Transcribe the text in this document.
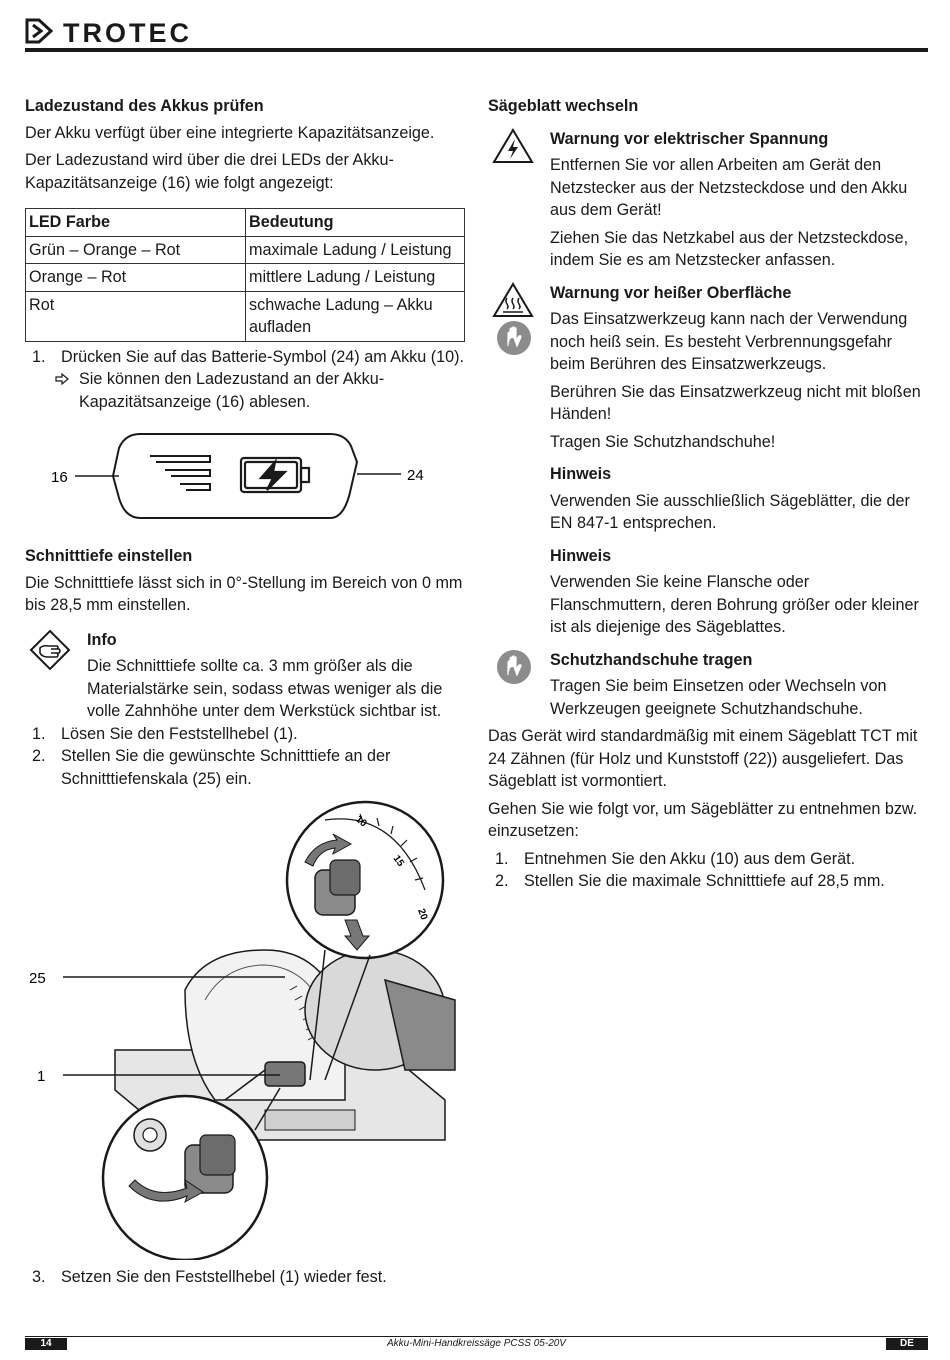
TROTEC
Ladezustand des Akkus prüfen

Der Akku verfügt über eine integrierte Kapazitätsanzeige.

Der Ladezustand wird über die drei LEDs der Akku-Kapazitätsanzeige (16) wie folgt angezeigt:

LED Farbe	Bedeutung
Grün – Orange – Rot	maximale Ladung / Leistung
Orange – Rot	mittlere Ladung / Leistung
Rot	schwache Ladung – Akku aufladen
1. Drücken Sie auf das Batterie-Symbol (24) am Akku (10).
Sie können den Ladezustand an der Akku-Kapazitätsanzeige (16) ablesen.
16	24
Schnitttiefe einstellen

Die Schnitttiefe lässt sich in 0°-Stellung im Bereich von 0 mm bis 28,5 mm einstellen.

Info

Die Schnitttiefe sollte ca. 3 mm größer als die Materialstärke sein, sodass etwas weniger als die volle Zahnhöhe unter dem Werkstück sichtbar ist.

1. Lösen Sie den Feststellhebel (1).
2. Stellen Sie die gewünschte Schnitttiefe an der Schnitttiefenskala (25) ein.
10
15
20
25
1
3. Setzen Sie den Feststellhebel (1) wieder fest.
Sägeblatt wechseln
Warnung vor elektrischer Spannung

Entfernen Sie vor allen Arbeiten am Gerät den Netzstecker aus der Netzsteckdose und den Akku aus dem Gerät!

Ziehen Sie das Netzkabel aus der Netzsteckdose, indem Sie es am Netzstecker anfassen.

Warnung vor heißer Oberfläche

Das Einsatzwerkzeug kann nach der Verwendung noch heiß sein. Es besteht Verbrennungsgefahr beim Berühren des Einsatzwerkzeugs.

Berühren Sie das Einsatzwerkzeug nicht mit bloßen Händen!

Tragen Sie Schutzhandschuhe!

Hinweis

Verwenden Sie ausschließlich Sägeblätter, die der EN 847-1 entsprechen.

Hinweis

Verwenden Sie keine Flansche oder Flanschmuttern, deren Bohrung größer oder kleiner ist als diejenige des Sägeblattes.

Schutzhandschuhe tragen

Tragen Sie beim Einsetzen oder Wechseln von Werkzeugen geeignete Schutzhandschuhe.

Das Gerät wird standardmäßig mit einem Sägeblatt TCT mit 24 Zähnen (für Holz und Kunststoff (22)) ausgeliefert. Das Sägeblatt ist vormontiert.

Gehen Sie wie folgt vor, um Sägeblätter zu entnehmen bzw. einzusetzen:

1. Entnehmen Sie den Akku (10) aus dem Gerät.
2. Stellen Sie die maximale Schnitttiefe auf 28,5 mm.
14	Akku-Mini-Handkreissäge PCSS 05-20V	DE
